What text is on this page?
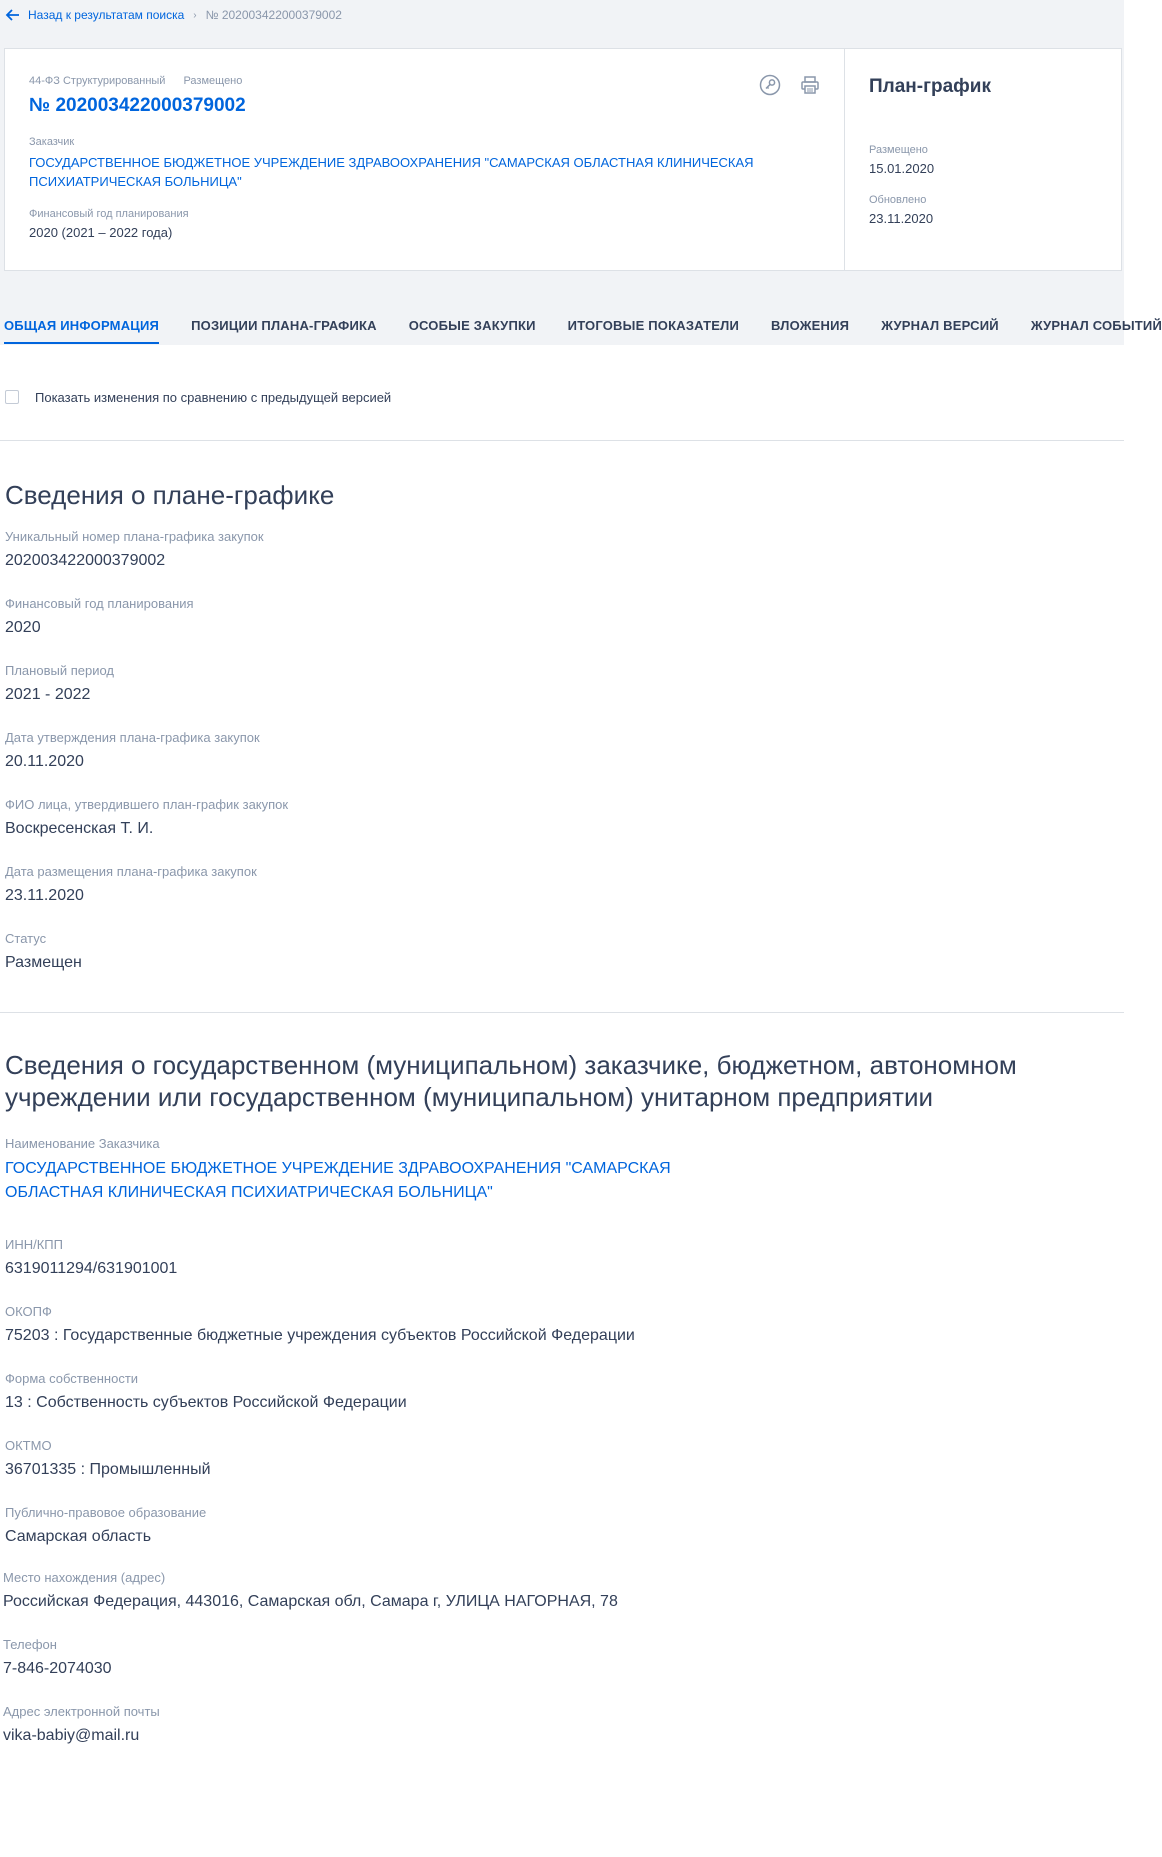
Назад к результатам поиска › № 202003422000379002
44-ФЗ Структурированный Размещено
№ 202003422000379002
Заказчик
ГОСУДАРСТВЕННОЕ БЮДЖЕТНОЕ УЧРЕЖДЕНИЕ ЗДРАВООХРАНЕНИЯ "САМАРСКАЯ ОБЛАСТНАЯ КЛИНИЧЕСКАЯ ПСИХИАТРИЧЕСКАЯ БОЛЬНИЦА"
Финансовый год планирования
2020 (2021 – 2022 года)
План-график
Размещено
15.01.2020
Обновлено
23.11.2020
ОБЩАЯ ИНФОРМАЦИЯ ПОЗИЦИИ ПЛАНА-ГРАФИКА ОСОБЫЕ ЗАКУПКИ ИТОГОВЫЕ ПОКАЗАТЕЛИ ВЛОЖЕНИЯ ЖУРНАЛ ВЕРСИЙ ЖУРНАЛ СОБЫТИЙ
Показать изменения по сравнению с предыдущей версией
Сведения о плане-графике
Уникальный номер плана-графика закупок
202003422000379002
Финансовый год планирования
2020
Плановый период
2021 - 2022
Дата утверждения плана-графика закупок
20.11.2020
ФИО лица, утвердившего план-график закупок
Воскресенская Т. И.
Дата размещения плана-графика закупок
23.11.2020
Статус
Размещен
Сведения о государственном (муниципальном) заказчике, бюджетном, автономном учреждении или государственном (муниципальном) унитарном предприятии
Наименование Заказчика
ГОСУДАРСТВЕННОЕ БЮДЖЕТНОЕ УЧРЕЖДЕНИЕ ЗДРАВООХРАНЕНИЯ "САМАРСКАЯ ОБЛАСТНАЯ КЛИНИЧЕСКАЯ ПСИХИАТРИЧЕСКАЯ БОЛЬНИЦА"
ИНН/КПП
6319011294/631901001
ОКОПФ
75203 : Государственные бюджетные учреждения субъектов Российской Федерации
Форма собственности
13 : Собственность субъектов Российской Федерации
ОКТМО
36701335 : Промышленный
Публично-правовое образование
Самарская область
Место нахождения (адрес)
Российская Федерация, 443016, Самарская обл, Самара г, УЛИЦА НАГОРНАЯ, 78
Телефон
7-846-2074030
Адрес электронной почты
vika-babiy@mail.ru
